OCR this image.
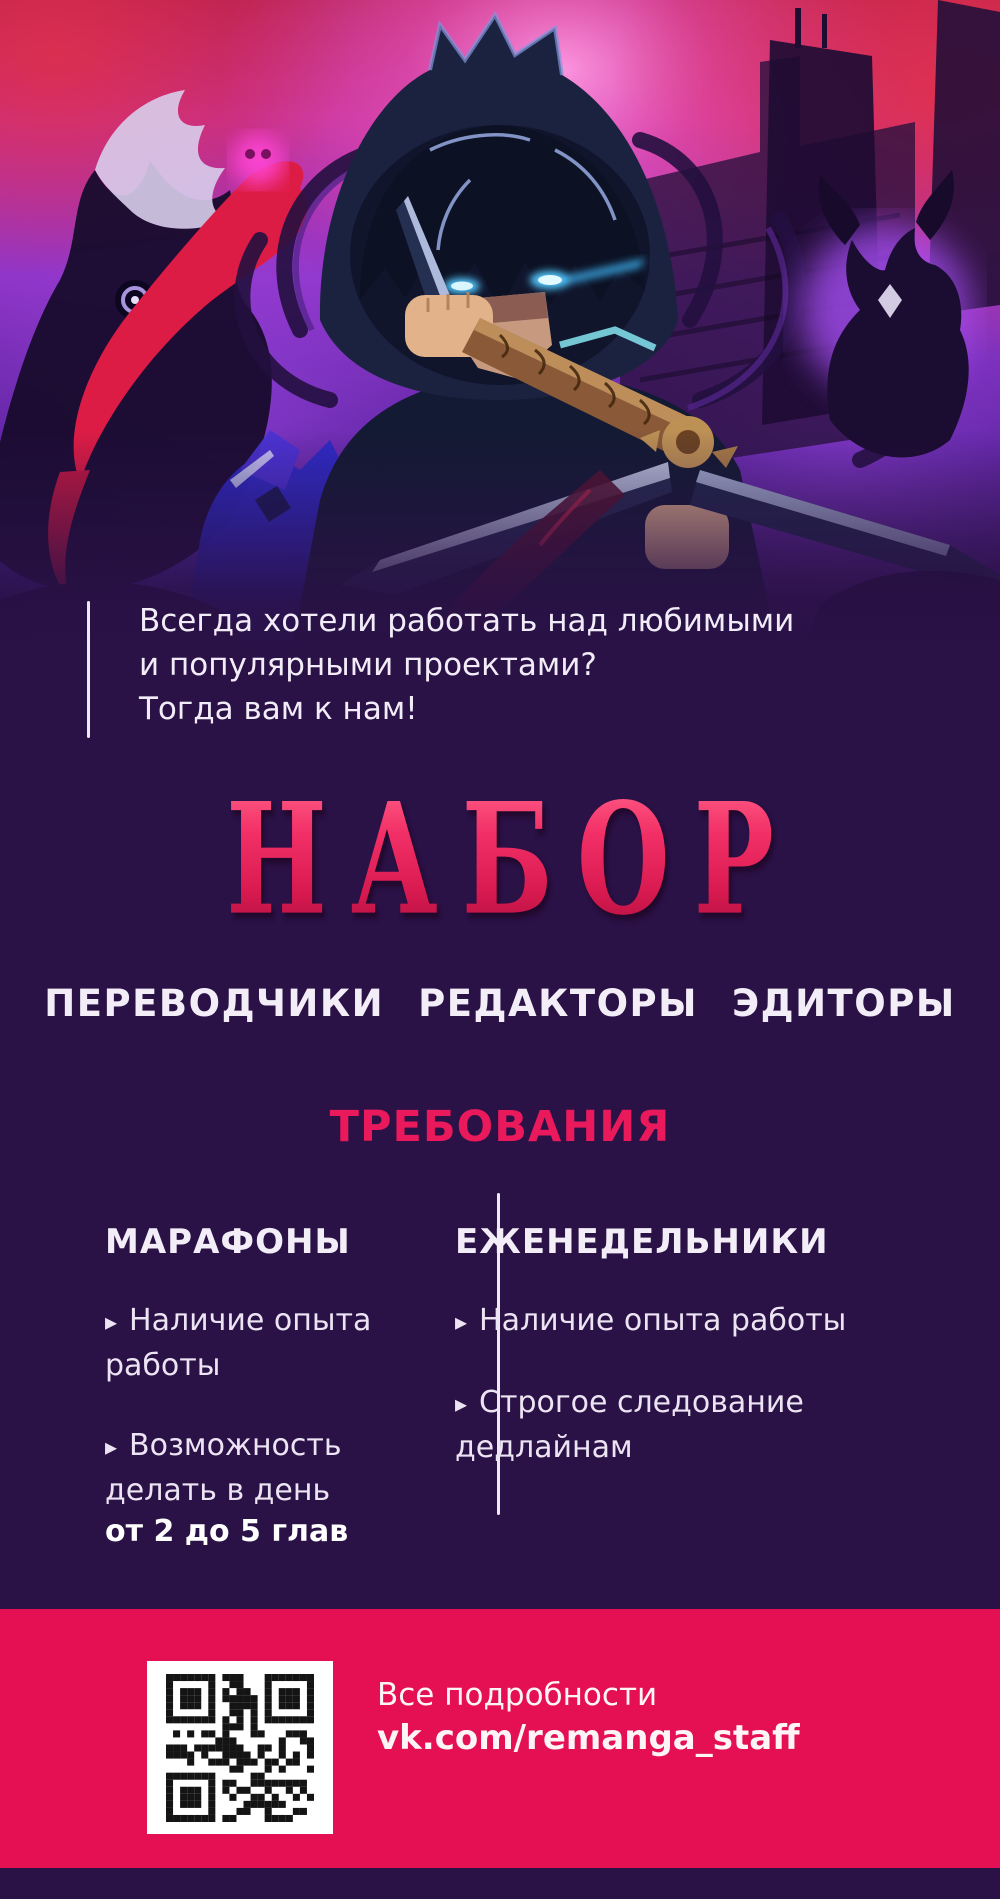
Всегда хотели работать над любимыми
и популярными проектами?
Тогда вам к нам!
НАБОР
ПЕРЕВОДЧИКИ РЕДАКТОРЫ ЭДИТОРЫ
ТРЕБОВАНИЯ
МАРАФОНЫ
▸ Наличие опыта работы
▸ Возможность делать в день
от 2 до 5 глав
ЕЖЕНЕДЕЛЬНИКИ
▸ Наличие опыта работы
▸ Строгое следование дедлайнам
Все подробности
vk.com/remanga_staff
